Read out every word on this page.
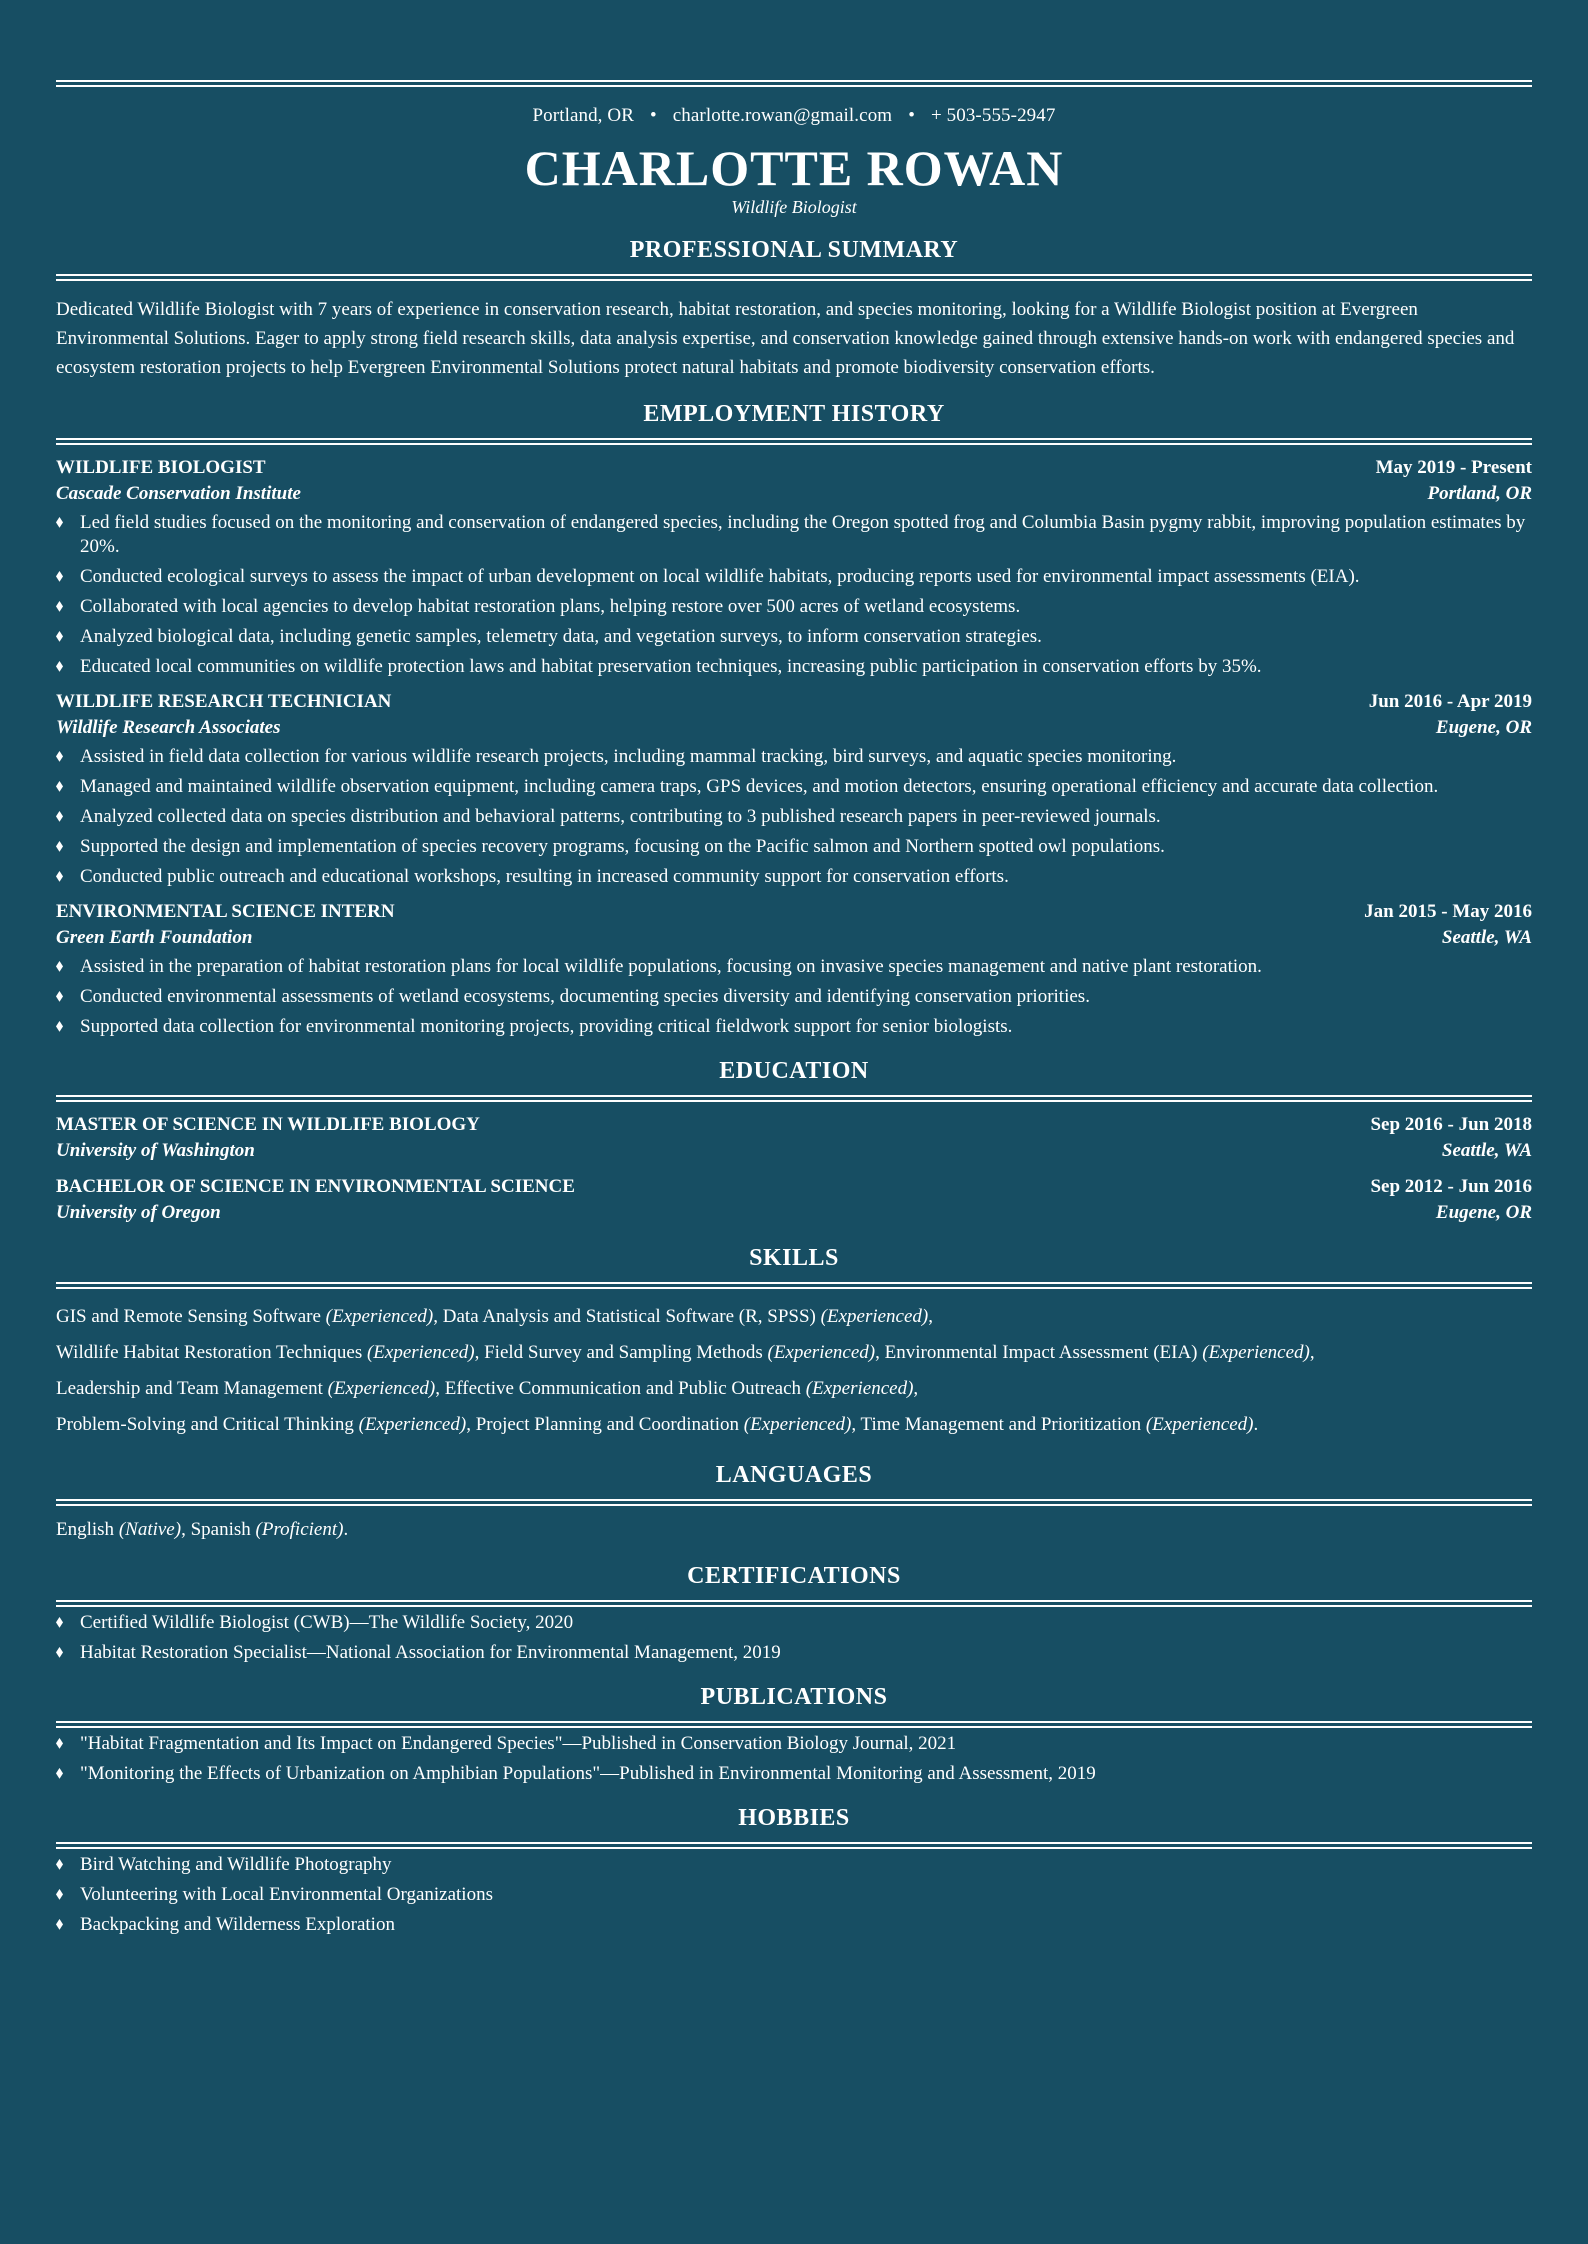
Portland, OR • charlotte.rowan@gmail.com • + 503-555-2947
CHARLOTTE ROWAN
Wildlife Biologist
PROFESSIONAL SUMMARY
Dedicated Wildlife Biologist with 7 years of experience in conservation research, habitat restoration, and species monitoring, looking for a Wildlife Biologist position at Evergreen Environmental Solutions. Eager to apply strong field research skills, data analysis expertise, and conservation knowledge gained through extensive hands-on work with endangered species and ecosystem restoration projects to help Evergreen Environmental Solutions protect natural habitats and promote biodiversity conservation efforts.
EMPLOYMENT HISTORY
WILDLIFE BIOLOGIST	May 2019 - Present
Cascade Conservation Institute	Portland, OR
◆ Led field studies focused on the monitoring and conservation of endangered species, including the Oregon spotted frog and Columbia Basin pygmy rabbit, improving population estimates by 20%.
◆ Conducted ecological surveys to assess the impact of urban development on local wildlife habitats, producing reports used for environmental impact assessments (EIA).
◆ Collaborated with local agencies to develop habitat restoration plans, helping restore over 500 acres of wetland ecosystems.
◆ Analyzed biological data, including genetic samples, telemetry data, and vegetation surveys, to inform conservation strategies.
◆ Educated local communities on wildlife protection laws and habitat preservation techniques, increasing public participation in conservation efforts by 35%.
WILDLIFE RESEARCH TECHNICIAN	Jun 2016 - Apr 2019
Wildlife Research Associates	Eugene, OR
◆ Assisted in field data collection for various wildlife research projects, including mammal tracking, bird surveys, and aquatic species monitoring.
◆ Managed and maintained wildlife observation equipment, including camera traps, GPS devices, and motion detectors, ensuring operational efficiency and accurate data collection.
◆ Analyzed collected data on species distribution and behavioral patterns, contributing to 3 published research papers in peer-reviewed journals.
◆ Supported the design and implementation of species recovery programs, focusing on the Pacific salmon and Northern spotted owl populations.
◆ Conducted public outreach and educational workshops, resulting in increased community support for conservation efforts.
ENVIRONMENTAL SCIENCE INTERN	Jan 2015 - May 2016
Green Earth Foundation	Seattle, WA
◆ Assisted in the preparation of habitat restoration plans for local wildlife populations, focusing on invasive species management and native plant restoration.
◆ Conducted environmental assessments of wetland ecosystems, documenting species diversity and identifying conservation priorities.
◆ Supported data collection for environmental monitoring projects, providing critical fieldwork support for senior biologists.
EDUCATION
MASTER OF SCIENCE IN WILDLIFE BIOLOGY	Sep 2016 - Jun 2018
University of Washington	Seattle, WA
BACHELOR OF SCIENCE IN ENVIRONMENTAL SCIENCE	Sep 2012 - Jun 2016
University of Oregon	Eugene, OR
SKILLS
GIS and Remote Sensing Software (Experienced), Data Analysis and Statistical Software (R, SPSS) (Experienced),
Wildlife Habitat Restoration Techniques (Experienced), Field Survey and Sampling Methods (Experienced), Environmental Impact Assessment (EIA) (Experienced),
Leadership and Team Management (Experienced), Effective Communication and Public Outreach (Experienced),
Problem-Solving and Critical Thinking (Experienced), Project Planning and Coordination (Experienced), Time Management and Prioritization (Experienced).
LANGUAGES
English (Native), Spanish (Proficient).
CERTIFICATIONS
◆ Certified Wildlife Biologist (CWB)—The Wildlife Society, 2020
◆ Habitat Restoration Specialist—National Association for Environmental Management, 2019
PUBLICATIONS
◆ "Habitat Fragmentation and Its Impact on Endangered Species"—Published in Conservation Biology Journal, 2021
◆ "Monitoring the Effects of Urbanization on Amphibian Populations"—Published in Environmental Monitoring and Assessment, 2019
HOBBIES
◆ Bird Watching and Wildlife Photography
◆ Volunteering with Local Environmental Organizations
◆ Backpacking and Wilderness Exploration
